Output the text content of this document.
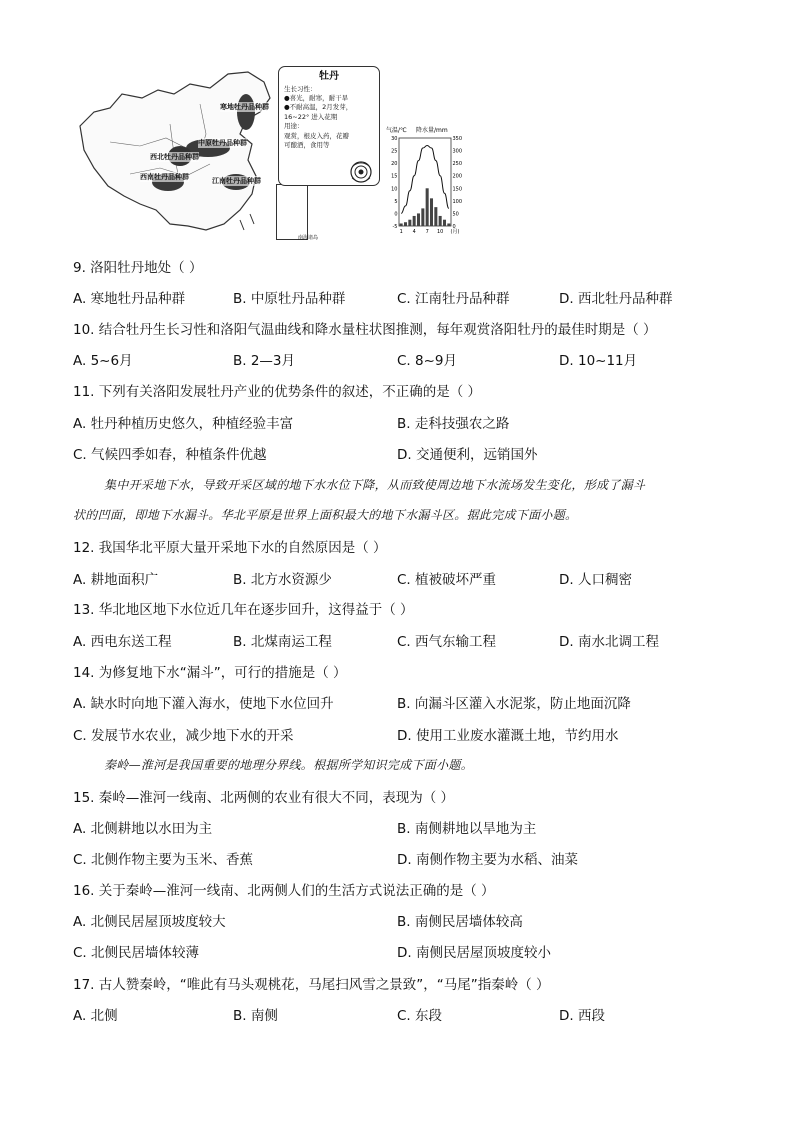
寒地牡丹品种群
中原牡丹品种群
西北牡丹品种群
西南牡丹品种群	江南牡丹品种群
南海诸岛
牡丹
生长习性：
●喜光，耐寒，耐干旱
●不耐高温，2月发芽，
16~22° 进入花期
用途：
观赏，根皮入药，花瓣
可酿酒，食用等
气温/℃ 降水量/mm
30
25
20
15
10
5
0
-5
350
300
250
200
150
100
50
0
1 4 7 10 (月)
9. 洛阳牡丹地处（ ）
A. 寒地牡丹品种群	B. 中原牡丹品种群	C. 江南牡丹品种群	D. 西北牡丹品种群
10. 结合牡丹生长习性和洛阳气温曲线和降水量柱状图推测，每年观赏洛阳牡丹的最佳时期是（ ）
A. 5~6月	B. 2—3月	C. 8~9月	D. 10~11月
11. 下列有关洛阳发展牡丹产业的优势条件的叙述，不正确的是（ ）
A. 牡丹种植历史悠久，种植经验丰富	B. 走科技强农之路
C. 气候四季如春，种植条件优越	D. 交通便利，远销国外
集中开采地下水，导致开采区域的地下水水位下降，从而致使周边地下水流场发生变化，形成了漏斗
状的凹面，即地下水漏斗。华北平原是世界上面积最大的地下水漏斗区。据此完成下面小题。
12. 我国华北平原大量开采地下水的自然原因是（ ）
A. 耕地面积广	B. 北方水资源少	C. 植被破坏严重	D. 人口稠密
13. 华北地区地下水位近几年在逐步回升，这得益于（ ）
A. 西电东送工程	B. 北煤南运工程	C. 西气东输工程	D. 南水北调工程
14. 为修复地下水“漏斗”，可行的措施是（ ）
A. 缺水时向地下灌入海水，使地下水位回升	B. 向漏斗区灌入水泥浆，防止地面沉降
C. 发展节水农业，减少地下水的开采	D. 使用工业废水灌溉土地，节约用水
秦岭—淮河是我国重要的地理分界线。根据所学知识完成下面小题。
15. 秦岭—淮河一线南、北两侧的农业有很大不同，表现为（ ）
A. 北侧耕地以水田为主	B. 南侧耕地以旱地为主
C. 北侧作物主要为玉米、香蕉	D. 南侧作物主要为水稻、油菜
16. 关于秦岭—淮河一线南、北两侧人们的生活方式说法正确的是（ ）
A. 北侧民居屋顶坡度较大	B. 南侧民居墙体较高
C. 北侧民居墙体较薄	D. 南侧民居屋顶坡度较小
17. 古人赞秦岭，“唯此有马头观桃花，马尾扫风雪之景致”，“马尾”指秦岭（ ）
A. 北侧	B. 南侧	C. 东段	D. 西段
